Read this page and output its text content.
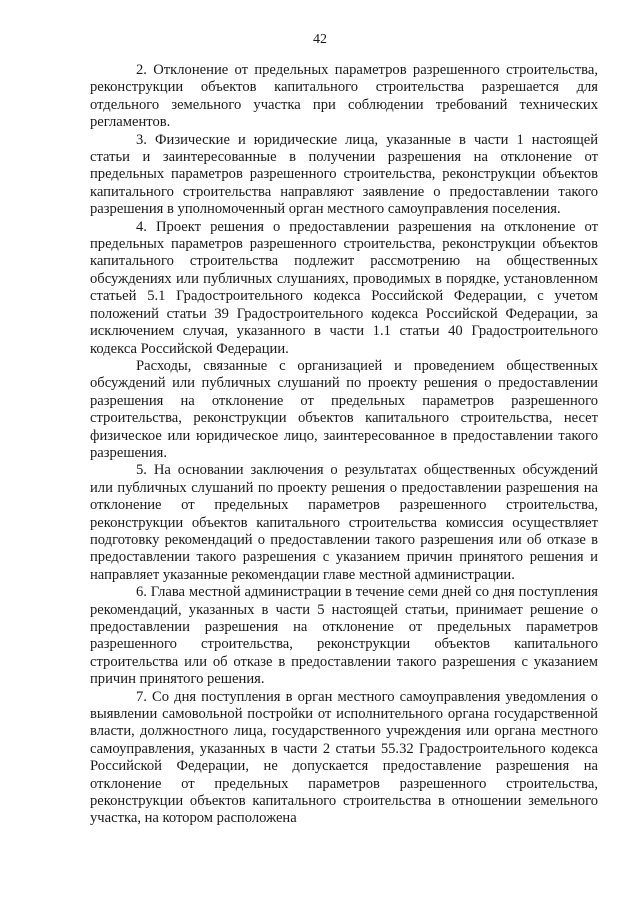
42

2. Отклонение от предельных параметров разрешенного строительства, реконструкции объектов капитального строительства разрешается для отдельного земельного участка при соблюдении требований технических регламентов.

3. Физические и юридические лица, указанные в части 1 настоящей статьи и заинтересованные в получении разрешения на отклонение от предельных параметров разрешенного строительства, реконструкции объектов капитального строительства направляют заявление о предоставлении такого разрешения в уполномоченный орган местного самоуправления поселения.

4. Проект решения о предоставлении разрешения на отклонение от предельных параметров разрешенного строительства, реконструкции объектов капитального строительства подлежит рассмотрению на общественных обсуждениях или публичных слушаниях, проводимых в порядке, установленном статьей 5.1 Градостроительного кодекса Российской Федерации, с учетом положений статьи 39 Градостроительного кодекса Российской Федерации, за исключением случая, указанного в части 1.1 статьи 40 Градостроительного кодекса Российской Федерации.

Расходы, связанные с организацией и проведением общественных обсуждений или публичных слушаний по проекту решения о предоставлении разрешения на отклонение от предельных параметров разрешенного строительства, реконструкции объектов капитального строительства, несет физическое или юридическое лицо, заинтересованное в предоставлении такого разрешения.

5. На основании заключения о результатах общественных обсуждений или публичных слушаний по проекту решения о предоставлении разрешения на отклонение от предельных параметров разрешенного строительства, реконструкции объектов капитального строительства комиссия осуществляет подготовку рекомендаций о предоставлении такого разрешения или об отказе в предоставлении такого разрешения с указанием причин принятого решения и направляет указанные рекомендации главе местной администрации.

6. Глава местной администрации в течение семи дней со дня поступления рекомендаций, указанных в части 5 настоящей статьи, принимает решение о предоставлении разрешения на отклонение от предельных параметров разрешенного строительства, реконструкции объектов капитального строительства или об отказе в предоставлении такого разрешения с указанием причин принятого решения.

7. Со дня поступления в орган местного самоуправления уведомления о выявлении самовольной постройки от исполнительного органа государственной власти, должностного лица, государственного учреждения или органа местного самоуправления, указанных в части 2 статьи 55.32 Градостроительного кодекса Российской Федерации, не допускается предоставление разрешения на отклонение от предельных параметров разрешенного строительства, реконструкции объектов капитального строительства в отношении земельного участка, на котором расположена
